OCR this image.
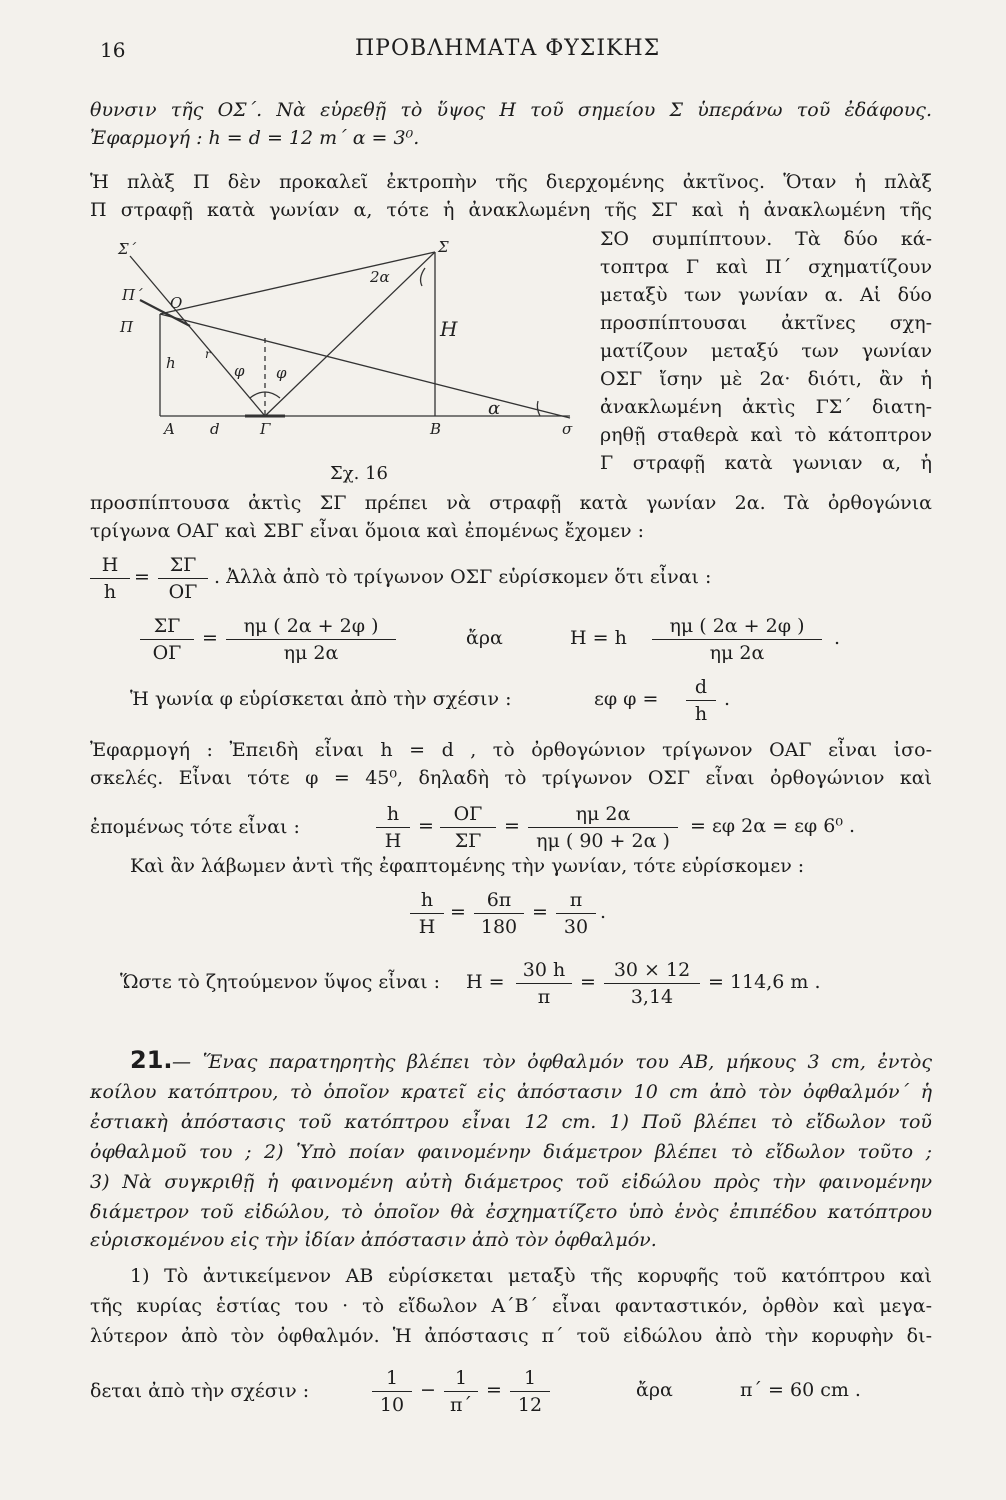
16	ΠΡΟΒΛΗΜΑΤΑ ΦΥΣΙΚΗΣ
θυνσιν τῆς ΟΣ΄. Νὰ εὑρεθῇ τὸ ὕψος Η τοῦ σημείου Σ ὑπεράνω τοῦ ἐδάφους.
Ἐφαρμογή : h = d = 12 m΄ α = 3⁰.
Ἡ πλὰξ Π δὲν προκαλεῖ ἐκτροπὴν τῆς διερχομένης ἀκτῖνος. Ὅταν ἡ πλὰξ
Π στραφῇ κατὰ γωνίαν α, τότε ἡ ἀνακλωμένη τῆς ΣΓ καὶ ἡ ἀνακλωμένη τῆς
ΣΟ συμπίπτουν. Τὰ δύο κά-
τοπτρα Γ καὶ Π΄ σχηματίζουν
μεταξὺ των γωνίαν α. Αἱ δύο
προσπίπτουσαι ἀκτῖνες σχη-
ματίζουν μεταξύ των γωνίαν
ΟΣΓ ἴσην μὲ 2α· διότι, ἂν ἡ
ἀνακλωμένη ἀκτὶς ΓΣ΄ διατη-
ρηθῇ σταθερὰ καὶ τὸ κάτοπτρον
Γ στραφῇ κατὰ γωνιαν α, ἡ
Σ΄	Σ
Π΄
Π
Ο
2α
Η
h r
φ φ
Α d	Γ	Β
α
σ
Σχ. 16
προσπίπτουσα ἀκτὶς ΣΓ πρέπει νὰ στραφῇ κατὰ γωνίαν 2α. Τὰ ὀρθογώνια
τρίγωνα ΟΑΓ καὶ ΣΒΓ εἶναι ὅμοια καὶ ἐπομένως ἔχομεν :
Η
h
=
ΣΓ
ΟΓ
. Ἀλλὰ ἀπὸ τὸ τρίγωνον ΟΣΓ εὑρίσκομεν ὅτι εἶναι :
ΣΓ
ΟΓ
=
ημ ( 2α + 2φ )
ημ 2α
ἄρα	Η = h
ημ ( 2α + 2φ )
ημ 2α
.
Ἡ γωνία φ εὑρίσκεται ἀπὸ τὴν σχέσιν :	εφ φ =
d
h
.
Ἐφαρμογή : Ἐπειδὴ εἶναι h = d , τὸ ὀρθογώνιον τρίγωνον ΟΑΓ εἶναι ἰσο-
σκελές. Εἶναι τότε φ = 45⁰, δηλαδὴ τὸ τρίγωνον ΟΣΓ εἶναι ὀρθογώνιον καὶ
ἐπομένως τότε εἶναι :
h
Η
=
ΟΓ
ΣΓ
=
ημ 2α
ημ ( 90 + 2α )
= εφ 2α = εφ 6⁰ .
Καὶ ἂν λάβωμεν ἀντὶ τῆς ἐφαπτομένης τὴν γωνίαν, τότε εὑρίσκομεν :
h
Η
=
6π
180
=
π
30
.
Ὥστε τὸ ζητούμενον ὕψος εἶναι : Η =
30 h
π
=
30 × 12
3,14
= 114,6 m .
21. — Ἕνας παρατηρητὴς βλέπει τὸν ὀφθαλμόν του ΑΒ, μήκους 3 cm, ἐντὸς
κοίλου κατόπτρου, τὸ ὁποῖον κρατεῖ εἰς ἀπόστασιν 10 cm ἀπὸ τὸν ὀφθαλμόν΄ ἡ
ἐστιακὴ ἀπόστασις τοῦ κατόπτρου εἶναι 12 cm. 1) Ποῦ βλέπει τὸ εἴδωλον τοῦ
ὀφθαλμοῦ του ; 2) Ὑπὸ ποίαν φαινομένην διάμετρον βλέπει τὸ εἴδωλον τοῦτο ;
3) Νὰ συγκριθῇ ἡ φαινομένη αὐτὴ διάμετρος τοῦ εἰδώλου πρὸς τὴν φαινομένην
διάμετρον τοῦ εἰδώλου, τὸ ὁποῖον θὰ ἐσχηματίζετο ὑπὸ ἑνὸς ἐπιπέδου κατόπτρου
εὑρισκομένου εἰς τὴν ἰδίαν ἀπόστασιν ἀπὸ τὸν ὀφθαλμόν.
1) Τὸ ἀντικείμενον ΑΒ εὑρίσκεται μεταξὺ τῆς κορυφῆς τοῦ κατόπτρου καὶ
τῆς κυρίας ἑστίας του · τὸ εἴδωλον Α΄Β΄ εἶναι φανταστικόν, ὀρθὸν καὶ μεγα-
λύτερον ἀπὸ τὸν ὀφθαλμόν. Ἡ ἀπόστασις π΄ τοῦ εἰδώλου ἀπὸ τὴν κορυφὴν δι-
δεται ἀπὸ τὴν σχέσιν :
1
10
−
1
π΄
=
1
12
ἄρα	π΄ = 60 cm .
